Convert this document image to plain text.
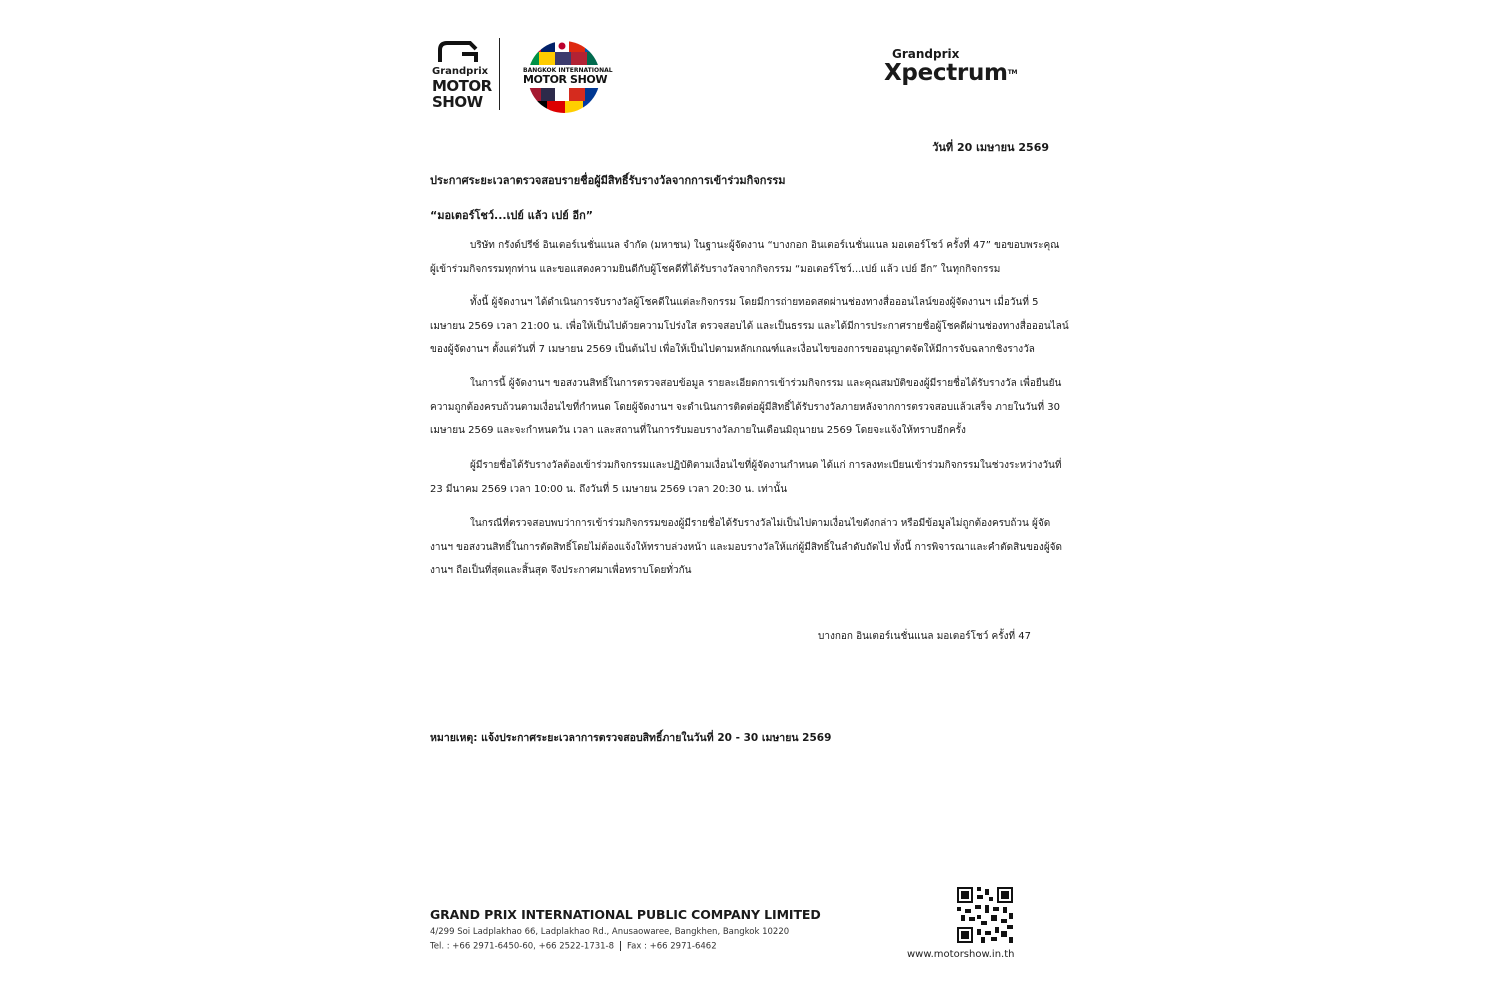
Grandprix
MOTOR
SHOW
BANGKOK INTERNATIONAL
MOTOR SHOW
Grandprix
Xpectrum™
วันที่ 20 เมษายน 2569
ประกาศระยะเวลาตรวจสอบรายชื่อผู้มีสิทธิ์รับรางวัลจากการเข้าร่วมกิจกรรม
“มอเตอร์โชว์...เปย์ แล้ว เปย์ อีก”
บริษัท กรังด์ปรีซ์ อินเตอร์เนชั่นแนล จำกัด (มหาชน) ในฐานะผู้จัดงาน “บางกอก อินเตอร์เนชั่นแนล มอเตอร์โชว์ ครั้งที่ 47” ขอขอบพระคุณ
ผู้เข้าร่วมกิจกรรมทุกท่าน และขอแสดงความยินดีกับผู้โชคดีที่ได้รับรางวัลจากกิจกรรม “มอเตอร์โชว์...เปย์ แล้ว เปย์ อีก” ในทุกกิจกรรม
ทั้งนี้ ผู้จัดงานฯ ได้ดำเนินการจับรางวัลผู้โชคดีในแต่ละกิจกรรม โดยมีการถ่ายทอดสดผ่านช่องทางสื่อออนไลน์ของผู้จัดงานฯ เมื่อวันที่ 5
เมษายน 2569 เวลา 21:00 น. เพื่อให้เป็นไปด้วยความโปร่งใส ตรวจสอบได้ และเป็นธรรม และได้มีการประกาศรายชื่อผู้โชคดีผ่านช่องทางสื่อออนไลน์
ของผู้จัดงานฯ ตั้งแต่วันที่ 7 เมษายน 2569 เป็นต้นไป เพื่อให้เป็นไปตามหลักเกณฑ์และเงื่อนไขของการขออนุญาตจัดให้มีการจับฉลากชิงรางวัล
ในการนี้ ผู้จัดงานฯ ขอสงวนสิทธิ์ในการตรวจสอบข้อมูล รายละเอียดการเข้าร่วมกิจกรรม และคุณสมบัติของผู้มีรายชื่อได้รับรางวัล เพื่อยืนยัน
ความถูกต้องครบถ้วนตามเงื่อนไขที่กำหนด โดยผู้จัดงานฯ จะดำเนินการติดต่อผู้มีสิทธิ์ได้รับรางวัลภายหลังจากการตรวจสอบแล้วเสร็จ ภายในวันที่ 30
เมษายน 2569 และจะกำหนดวัน เวลา และสถานที่ในการรับมอบรางวัลภายในเดือนมิถุนายน 2569 โดยจะแจ้งให้ทราบอีกครั้ง
ผู้มีรายชื่อได้รับรางวัลต้องเข้าร่วมกิจกรรมและปฏิบัติตามเงื่อนไขที่ผู้จัดงานกำหนด ได้แก่ การลงทะเบียนเข้าร่วมกิจกรรมในช่วงระหว่างวันที่
23 มีนาคม 2569 เวลา 10:00 น. ถึงวันที่ 5 เมษายน 2569 เวลา 20:30 น. เท่านั้น
ในกรณีที่ตรวจสอบพบว่าการเข้าร่วมกิจกรรมของผู้มีรายชื่อได้รับรางวัลไม่เป็นไปตามเงื่อนไขดังกล่าว หรือมีข้อมูลไม่ถูกต้องครบถ้วน ผู้จัด
งานฯ ขอสงวนสิทธิ์ในการตัดสิทธิ์โดยไม่ต้องแจ้งให้ทราบล่วงหน้า และมอบรางวัลให้แก่ผู้มีสิทธิ์ในลำดับถัดไป ทั้งนี้ การพิจารณาและคำตัดสินของผู้จัด
งานฯ ถือเป็นที่สุดและสิ้นสุด จึงประกาศมาเพื่อทราบโดยทั่วกัน
บางกอก อินเตอร์เนชั่นแนล มอเตอร์โชว์ ครั้งที่ 47
หมายเหตุ: แจ้งประกาศระยะเวลาการตรวจสอบสิทธิ์ภายในวันที่ 20 - 30 เมษายน 2569
GRAND PRIX INTERNATIONAL PUBLIC COMPANY LIMITED
4/299 Soi Ladplakhao 66, Ladplakhao Rd., Anusaowaree, Bangkhen, Bangkok 10220
Tel. : +66 2971-6450-60, +66 2522-1731-8 Fax : +66 2971-6462
www.motorshow.in.th
